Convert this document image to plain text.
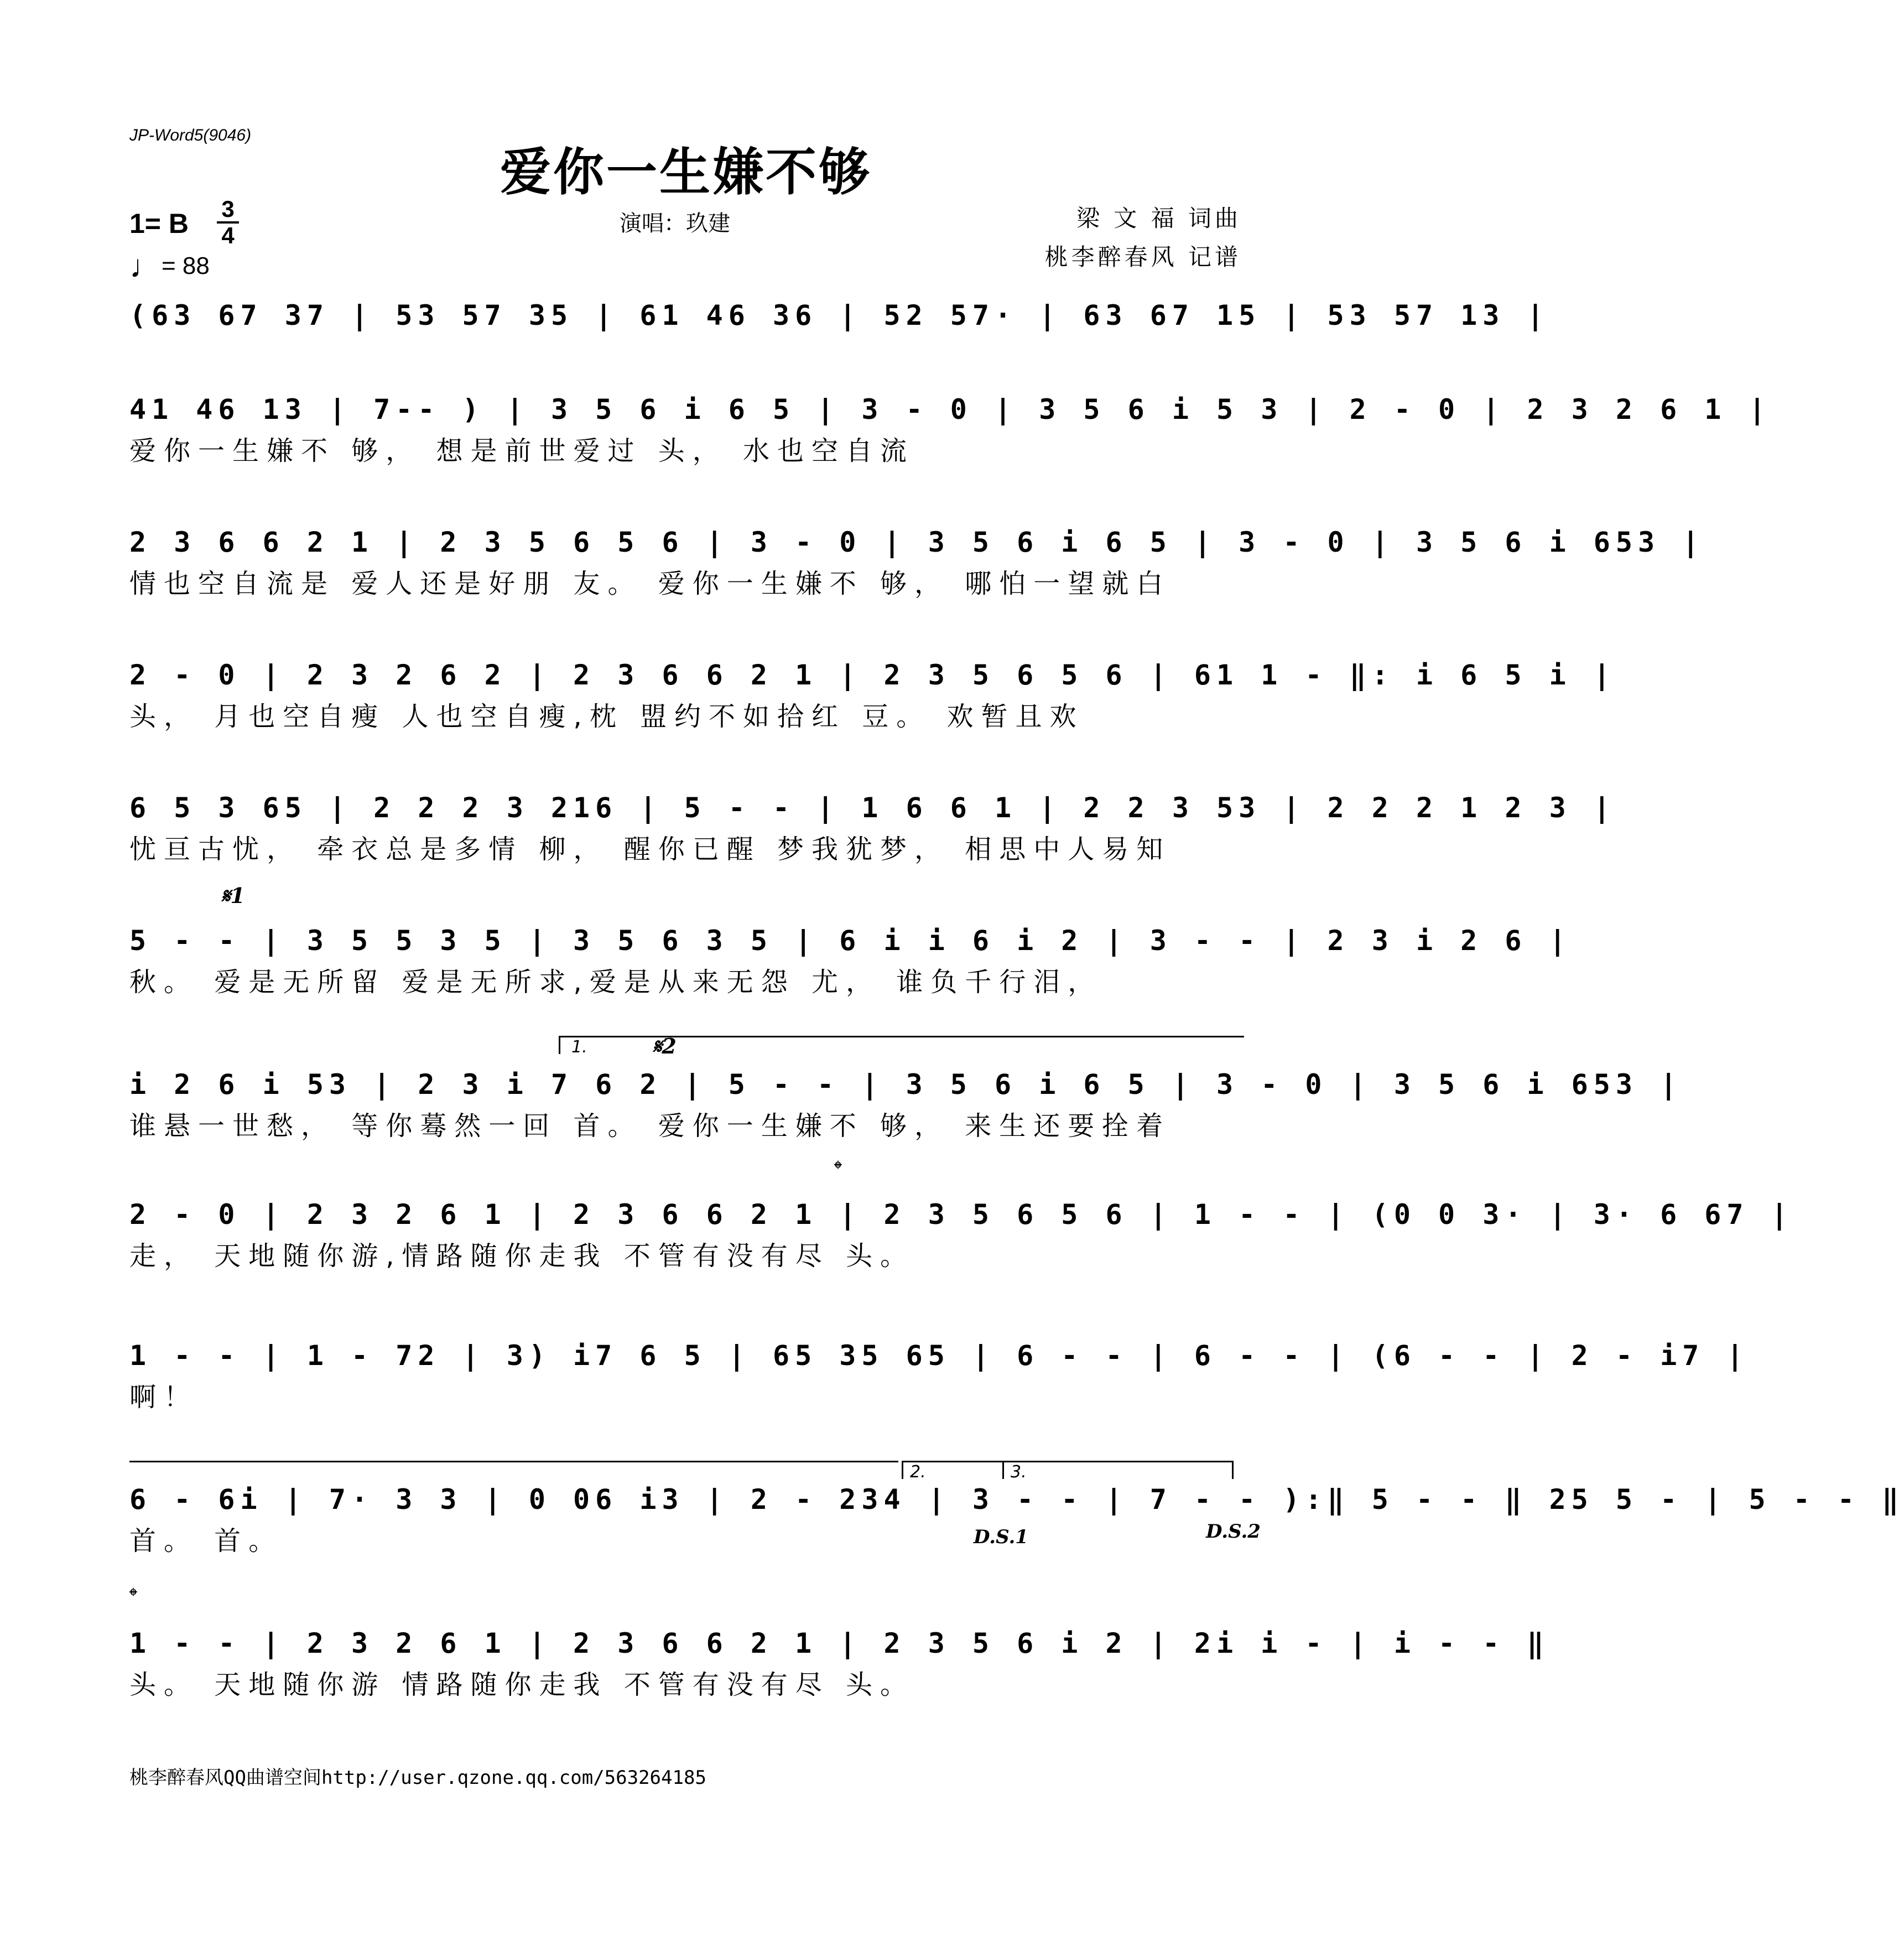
JP-Word5(9046)
爱你一生嫌不够
演唱：玖建	梁 文 福 词曲
桃李醉春风 记谱
1= B 3
4
♩= 88
(63 67 37 | 53 57 35 | 61 46 36 | 52 57· | 63 67 15 | 53 57 13 |
41 46 13 | 7-- ) | 3 5 6 i 6 5 | 3 - 0 | 3 5 6 i 5 3 | 2 - 0 | 2 3 2 6 1 |
爱你一生嫌不 够， 想是前世爱过 头， 水也空自流
2 3 6 6 2 1 | 2 3 5 6 5 6 | 3 - 0 | 3 5 6 i 6 5 | 3 - 0 | 3 5 6 i 653 |
情也空自流是 爱人还是好朋 友。 爱你一生嫌不 够， 哪怕一望就白
2 - 0 | 2 3 2 6 2 | 2 3 6 6 2 1 | 2 3 5 6 5 6 | 61 1 - ‖: i 6 5 i |
头， 月也空自瘦 人也空自瘦,枕 盟约不如拾红 豆。 欢暂且欢
6 5 3 65 | 2 2 2 3 216 | 5 - - | 1 6 6 1 | 2 2 3 53 | 2 2 2 1 2 3 |
忧亘古忧， 牵衣总是多情 柳， 醒你已醒 梦我犹梦， 相思中人易知
𝄋1
5 - - | 3 5 5 3 5 | 3 5 6 3 5 | 6 i i 6 i 2 | 3 - - | 2 3 i 2 6 |
秋。 爱是无所留 爱是无所求,爱是从来无怨 尤， 谁负千行泪，
1.	𝄋2
i 2 6 i 53 | 2 3 i 7 6 2 | 5 - - | 3 5 6 i 6 5 | 3 - 0 | 3 5 6 i 653 |
谁悬一世愁， 等你蓦然一回 首。 爱你一生嫌不 够， 来生还要拴着
𝄌
2 - 0 | 2 3 2 6 1 | 2 3 6 6 2 1 | 2 3 5 6 5 6 | 1 - - | (0 0 3· | 3· 6 67 |
走， 天地随你游,情路随你走我 不管有没有尽 头。
1 - - | 1 - 72 | 3) i7 6 5 | 65 35 65 | 6 - - | 6 - - | (6 - - | 2 - i7 |
啊！
2.	3.
6 - 6i | 7· 3 3 | 0 06 i3 | 2 - 234 | 3 - - | 7 - - ):‖ 5 - - ‖ 25 5 - | 5 - - ‖
首。 首。	D.S.1	D.S.2
𝄌
1 - - | 2 3 2 6 1 | 2 3 6 6 2 1 | 2 3 5 6 i 2 | 2i i - | i - - ‖
头。 天地随你游 情路随你走我 不管有没有尽 头。
桃李醉春风QQ曲谱空间http://user.qzone.qq.com/563264185
